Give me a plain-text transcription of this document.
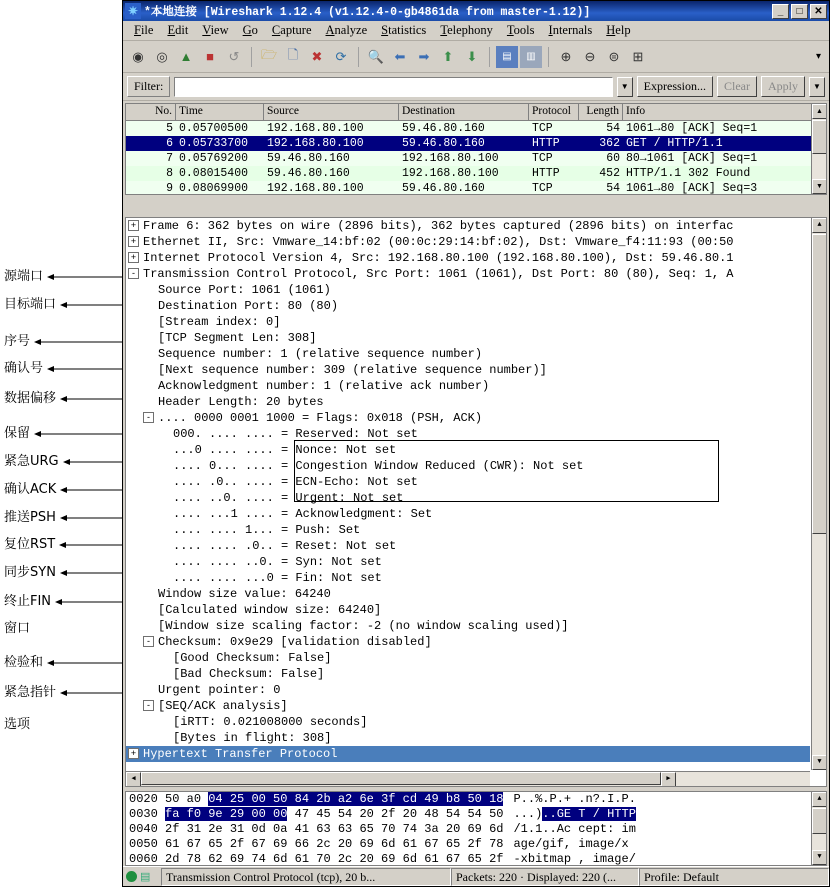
源端口
目标端口
序号
确认号
数据偏移
保留
紧急URG
确认ACK
推送PSH
复位RST
同步SYN
终止FIN
窗口
检验和
紧急指针
选项
✷ *本地连接 [Wireshark 1.12.4 (v1.12.4-0-gb4861da from master-1.12)]	_	□	✕
File	Edit	View	Go	Capture	Analyze	Statistics	Telephony	Tools	Internals	Help
◉ ◎ ▲	■	↺	🗁 🗋	✖	⟳	🔍 ⬅	➡	⬆	⬇	▤	▥	⊕	⊖	⊜	⊞	▾
Filter:	▼	Expression...	Clear	Apply	▼
No. Time	Source	Destination	Protocol	Length Info
5 0.05700500	192.168.80.100	59.46.80.160	TCP	54 1061→80 [ACK] Seq=1
6 0.05733700	192.168.80.100	59.46.80.160	HTTP	362 GET / HTTP/1.1
7 0.05769200	59.46.80.160	192.168.80.100	TCP	60 80→1061 [ACK] Seq=1
8 0.08015400	59.46.80.160	192.168.80.100	HTTP	452 HTTP/1.1 302 Found
9 0.08069900	192.168.80.100	59.46.80.160	TCP	54 1061→80 [ACK] Seq=3
▲
▼
+ Frame 6: 362 bytes on wire (2896 bits), 362 bytes captured (2896 bits) on interfac
+ Ethernet II, Src: Vmware_14:bf:02 (00:0c:29:14:bf:02), Dst: Vmware_f4:11:93 (00:50
+ Internet Protocol Version 4, Src: 192.168.80.100 (192.168.80.100), Dst: 59.46.80.1
- Transmission Control Protocol, Src Port: 1061 (1061), Dst Port: 80 (80), Seq: 1, A
Source Port: 1061 (1061)
Destination Port: 80 (80)
[Stream index: 0]
[TCP Segment Len: 308]
Sequence number: 1 (relative sequence number)
[Next sequence number: 309 (relative sequence number)]
Acknowledgment number: 1 (relative ack number)
Header Length: 20 bytes
- .... 0000 0001 1000 = Flags: 0x018 (PSH, ACK)
000. .... .... = Reserved: Not set
...0 .... .... = Nonce: Not set
.... 0... .... = Congestion Window Reduced (CWR): Not set
.... .0.. .... = ECN-Echo: Not set
.... ..0. .... = Urgent: Not set
.... ...1 .... = Acknowledgment: Set
.... .... 1... = Push: Set
.... .... .0.. = Reset: Not set
.... .... ..0. = Syn: Not set
.... .... ...0 = Fin: Not set
Window size value: 64240
[Calculated window size: 64240]
[Window size scaling factor: -2 (no window scaling used)]
- Checksum: 0x9e29 [validation disabled]
[Good Checksum: False]
[Bad Checksum: False]
Urgent pointer: 0
- [SEQ/ACK analysis]
[iRTT: 0.021008000 seconds]
[Bytes in flight: 308]
+ Hypertext Transfer Protocol
▲
▼
◀	▶
0020 50 a0 04 25 00 50 84 2b a2 6e 3f cd 49 b8 50 18 P..%.P.+ .n?.I.P.
0030 fa f0 9e 29 00 00 47 45 54 20 2f 20 48 54 54 50 ...)..GE T / HTTP
0040 2f 31 2e 31 0d 0a 41 63 63 65 70 74 3a 20 69 6d /1.1..Ac cept: im
0050 61 67 65 2f 67 69 66 2c 20 69 6d 61 67 65 2f 78 age/gif, image/x
0060 2d 78 62 69 74 6d 61 70 2c 20 69 6d 61 67 65 2f -xbitmap , image/
▲
▼
▤	Transmission Control Protocol (tcp), 20 b...	Packets: 220 · Displayed: 220 (...	Profile: Default
